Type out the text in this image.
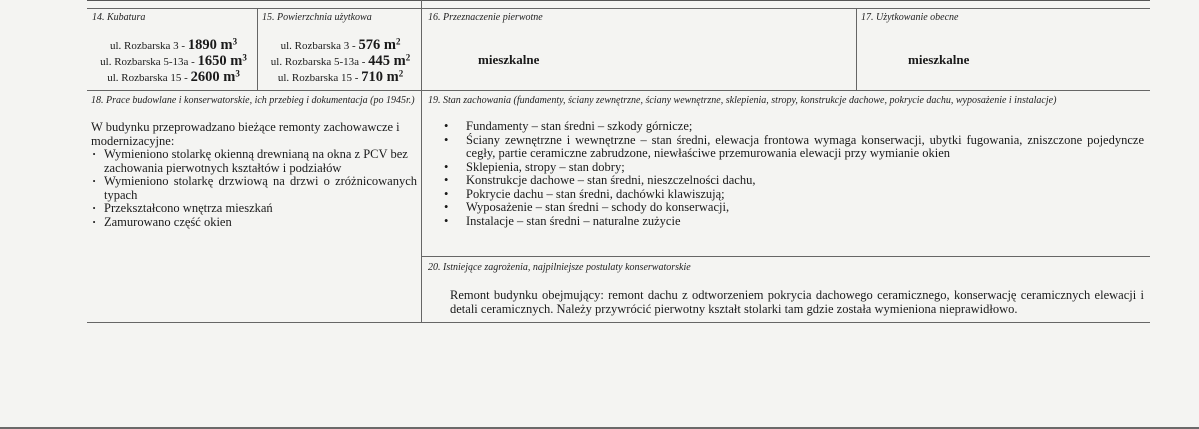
14. Kubatura
ul. Rozbarska 3 - 1890 $m^3$
ul. Rozbarska 5-13a - 1650 $m^3$
ul. Rozbarska 15 - 2600 $m^3$
15. Powierzchnia użytkowa
ul. Rozbarska 3 - 576 $m^2$
ul. Rozbarska 5-13a - 445 $m^2$
ul. Rozbarska 15 - 710 $m^2$
16. Przeznaczenie pierwotne
mieszkalne
17. Użytkowanie obecne
mieszkalne
18. Prace budowlane i konserwatorskie, ich przebieg i dokumentacja (po 1945r.)
W budynku przeprowadzano bieżące remonty zachowawcze i modernizacyjne:
· Wymieniono stolarkę okienną drewnianą na okna z PCV bez zachowania pierwotnych kształtów i podziałów
· Wymieniono stolarkę drzwiową na drzwi o zróżnicowanych typach
· Przekształcono wnętrza mieszkań
· Zamurowano część okien
19. Stan zachowania (fundamenty, ściany zewnętrzne, ściany wewnętrzne, sklepienia, stropy, konstrukcje dachowe, pokrycie dachu, wyposażenie i instalacje)
• Fundamenty – stan średni – szkody górnicze;
• Ściany zewnętrzne i wewnętrzne – stan średni, elewacja frontowa wymaga konserwacji, ubytki fugowania, zniszczone pojedyncze cegły, partie ceramiczne zabrudzone, niewłaściwe przemurowania elewacji przy wymianie okien
• Sklepienia, stropy – stan dobry;
• Konstrukcje dachowe – stan średni, nieszczelności dachu,
• Pokrycie dachu – stan średni, dachówki klawiszują;
• Wyposażenie – stan średni – schody do konserwacji,
• Instalacje – stan średni – naturalne zużycie
20. Istniejące zagrożenia, najpilniejsze postulaty konserwatorskie
Remont budynku obejmujący: remont dachu z odtworzeniem pokrycia dachowego ceramicznego, konserwację ceramicznych elewacji i detali ceramicznych. Należy przywrócić pierwotny kształt stolarki tam gdzie została wymieniona nieprawidłowo.
